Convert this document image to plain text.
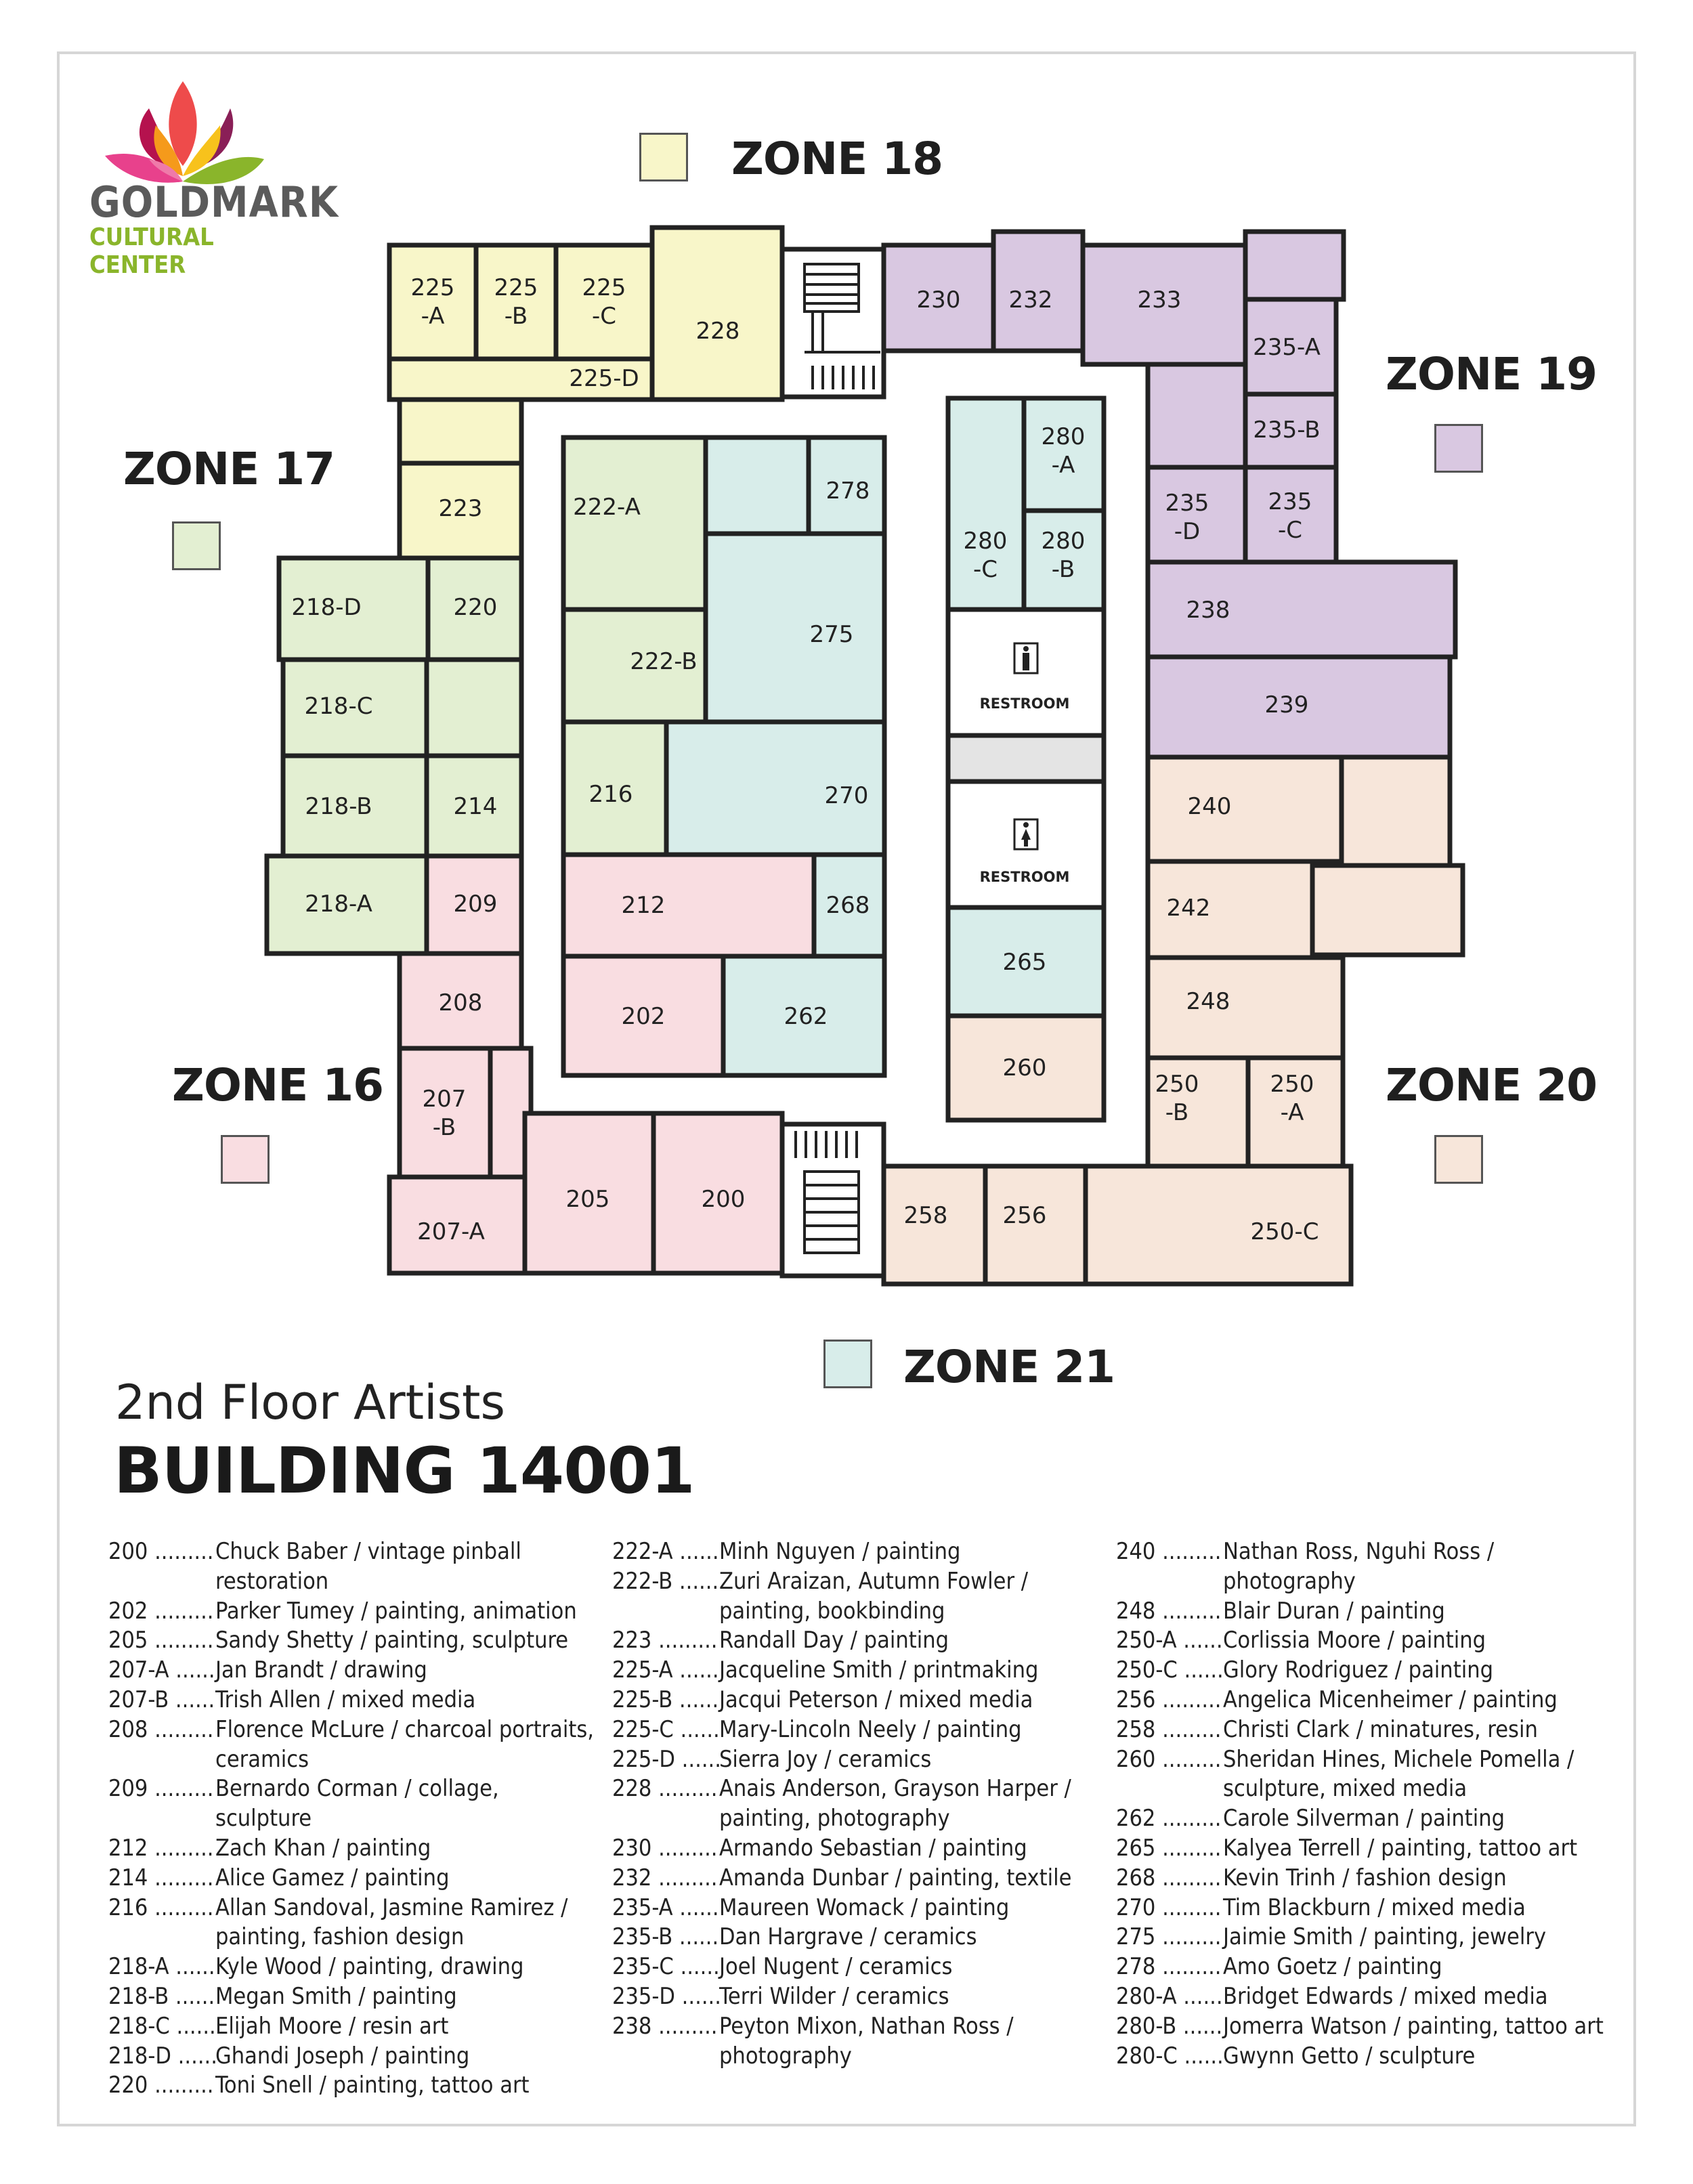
GOLDMARK
CULTURAL CENTER
ZONE 18
ZONE 17
ZONE 19
ZONE 16	ZONE 20
ZONE 21
225 -A
225 -B
225 -C
225-D
228
230 232	233
235-A
235-B
235 -D
235 -C
238
239
240
242
248
250 -B
250 -A
250-C
256
258
260
265
RESTROOM
RESTROOM
280 -A
280 -C
280 -B
278
275
270
268
262
202
212
216
222-B
222-A
223
218-D	220
218-C
218-B	214
218-A	209
208
207 -B
207-A
205	200
2nd Floor Artists
BUILDING 14001
200 .....	Chuck Baber / vintage pinball restoration
202 .....	Parker Tumey / painting, animation
205 .....	Sandy Shetty / painting, sculpture
207-A .....	Jan Brandt / drawing
207-B .....	Trish Allen / mixed media
208 .....	Florence McLure / charcoal portraits, ceramics
209 .....	Bernardo Corman / collage, sculpture
212 .....	Zach Khan / painting
214 .....	Alice Gamez / painting
216 .....	Allan Sandoval, Jasmine Ramirez / painting, fashion design
218-A .....	Kyle Wood / painting, drawing
218-B .....	Megan Smith / painting
218-C .....	Elijah Moore / resin art
218-D .....	Ghandi Joseph / painting
220 .....	Toni Snell / painting, tattoo art
222-A .....	Minh Nguyen / painting
222-B .....	Zuri Araizan, Autumn Fowler / painting, bookbinding
223 .....	Randall Day / painting
225-A .....	Jacqueline Smith / printmaking
225-B .....	Jacqui Peterson / mixed media
225-C .....	Mary-Lincoln Neely / painting
225-D .....	Sierra Joy / ceramics
228 .....	Anais Anderson, Grayson Harper / painting, photography
230 .....	Armando Sebastian / painting
232 .....	Amanda Dunbar / painting, textile
235-A .....	Maureen Womack / painting
235-B .....	Dan Hargrave / ceramics
235-C .....	Joel Nugent / ceramics
235-D .....	Terri Wilder / ceramics
238 .....	Peyton Mixon, Nathan Ross / photography
240 .....	Nathan Ross, Nguhi Ross / photography
248 .....	Blair Duran / painting
250-A .....	Corlissia Moore / painting
250-C .....	Glory Rodriguez / painting
256 .....	Angelica Micenheimer / painting
258 .....	Christi Clark / minatures, resin
260 .....	Sheridan Hines, Michele Pomella / sculpture, mixed media
262 .....	Carole Silverman / painting
265 .....	Kalyea Terrell / painting, tattoo art
268 .....	Kevin Trinh / fashion design
270 .....	Tim Blackburn / mixed media
275 .....	Jaimie Smith / painting, jewelry
278 .....	Amo Goetz / painting
280-A .....	Bridget Edwards / mixed media
280-B .....	Jomerra Watson / painting, tattoo art
280-C .....	Gwynn Getto / sculpture
